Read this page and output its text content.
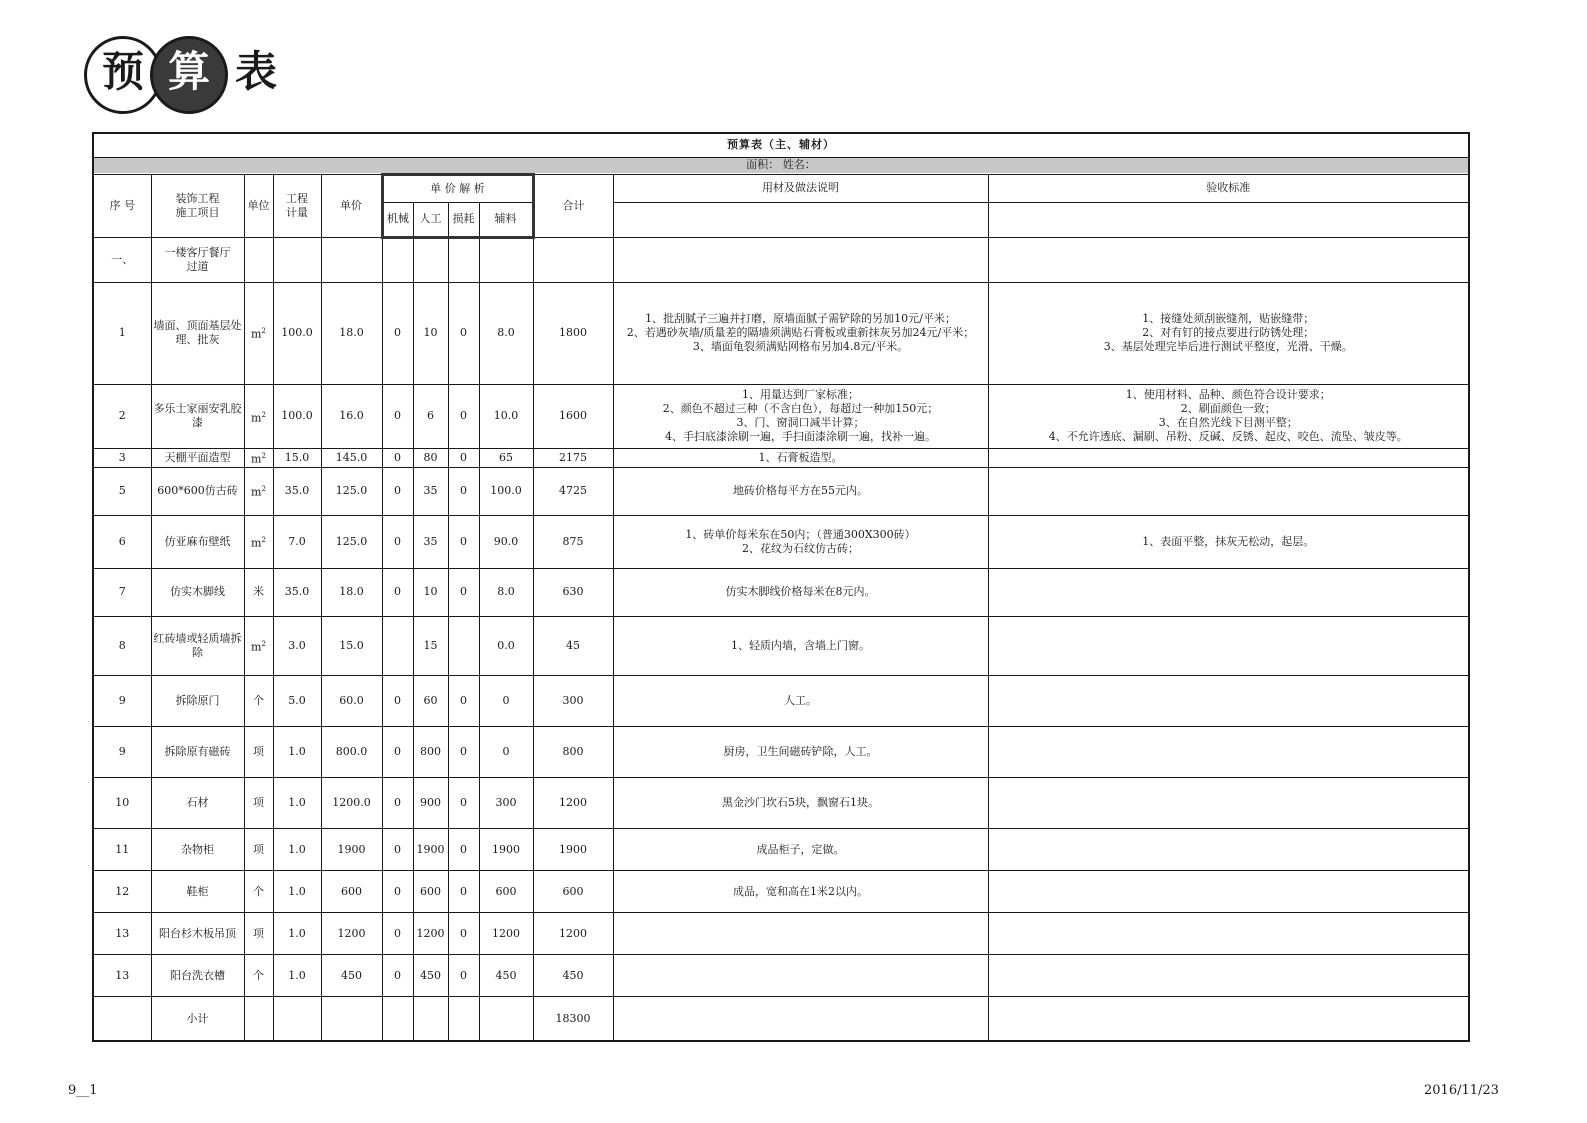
预 算 表
预算表（主、辅材）											
面积： 姓名：											
序 号	装饰工程
施工项目	单位	工程
计量	单价	单 价 解 析				合计	用材及做法说明	验收标准
					机械	人工	损耗	辅料			
一、	一楼客厅餐厅
过道										
1	墙面、顶面基层处理、批灰	$m^2$	100.0	18.0	0	10	0	8.0	1800	1、批刮腻子三遍并打磨，原墙面腻子需铲除的另加10元/平米；
2、若遇砂灰墙/质量差的隔墙须满贴石膏板或重新抹灰另加24元/平米；
3、墙面龟裂须满贴网格布另加4.8元/平米。	1、接缝处须刮嵌缝剂，贴嵌缝带；
2、对有钉的接点要进行防锈处理；
3、基层处理完毕后进行测试平整度，光滑、干燥。
2	多乐士家丽安乳胶漆	$m^2$	100.0	16.0	0	6	0	10.0	1600	1、用量达到厂家标准；
2、颜色不超过三种（不含白色），每超过一种加150元；
3、门、窗洞口减半计算；
4、手扫底漆涂刷一遍，手扫面漆涂刷一遍，找补一遍。	1、使用材料、品种、颜色符合设计要求；
2、刷面颜色一致；
3、在自然光线下目测平整；
4、不允许透底、漏刷、吊粉、反碱、反锈、起皮、咬色、流坠、皱皮等。
3	天棚平面造型	$m^2$	15.0	145.0	0	80	0	65	2175	1、石膏板造型。	
5	600*600仿古砖	$m^2$	35.0	125.0	0	35	0	100.0	4725	地砖价格每平方在55元内。	
6	仿亚麻布壁纸	$m^2$	7.0	125.0	0	35	0	90.0	875	1、砖单价每米东在50内；（普通300X300砖）
2、花纹为石纹仿古砖；	1、表面平整，抹灰无松动，起层。
7	仿实木脚线	米	35.0	18.0	0	10	0	8.0	630	仿实木脚线价格每米在8元内。	
8	红砖墙或轻质墙拆除	$m^2$	3.0	15.0		15		0.0	45	1、轻质内墙，含墙上门窗。	
9	拆除原门	个	5.0	60.0	0	60	0	0	300	人工。	
9	拆除原有磁砖	项	1.0	800.0	0	800	0	0	800	厨房，卫生间磁砖铲除，人工。	
10	石材	项	1.0	1200.0	0	900	0	300	1200	黑金沙门坎石5块，飘窗石1块。	
11	杂物柜	项	1.0	1900	0	1900	0	1900	1900	成品柜子，定做。	
12	鞋柜	个	1.0	600	0	600	0	600	600	成品，宽和高在1米2以内。	
13	阳台杉木板吊顶	项	1.0	1200	0	1200	0	1200	1200		
13	阳台洗衣槽	个	1.0	450	0	450	0	450	450		
	小计								18300		
9__1	2016/11/23
